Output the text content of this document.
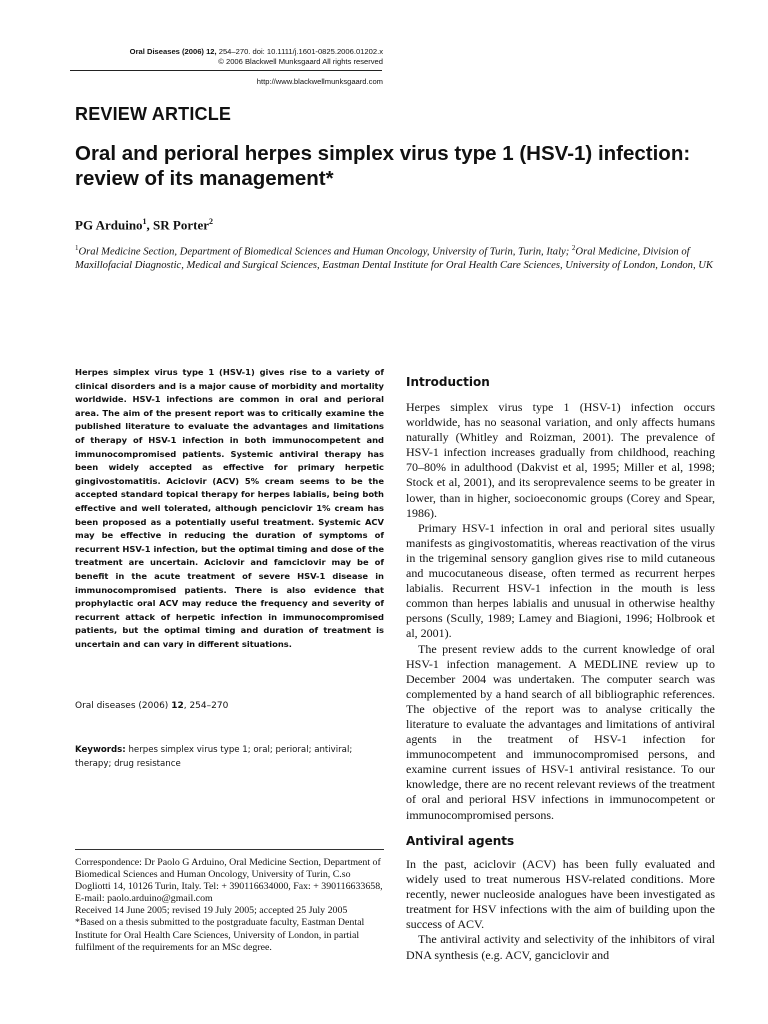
Oral Diseases (2006) 12, 254–270. doi: 10.1111/j.1601-0825.2006.01202.x
© 2006 Blackwell Munksgaard All rights reserved
http://www.blackwellmunksgaard.com
REVIEW ARTICLE
Oral and perioral herpes simplex virus type 1 (HSV-1) infection: review of its management*
PG Arduino$^1$, SR Porter$^2$
$^1$Oral Medicine Section, Department of Biomedical Sciences and Human Oncology, University of Turin, Turin, Italy; $^2$Oral Medicine, Division of Maxillofacial Diagnostic, Medical and Surgical Sciences, Eastman Dental Institute for Oral Health Care Sciences, University of London, London, UK
Herpes simplex virus type 1 (HSV-1) gives rise to a variety of clinical disorders and is a major cause of morbidity and mortality worldwide. HSV-1 infections are common in oral and perioral area. The aim of the present report was to critically examine the published literature to evaluate the advantages and limitations of therapy of HSV-1 infection in both immunocompetent and immunocompromised patients. Systemic antiviral therapy has been widely accepted as effective for primary herpetic gingivostomatitis. Aciclovir (ACV) 5% cream seems to be the accepted standard topical therapy for herpes labialis, being both effective and well tolerated, although penciclovir 1% cream has been proposed as a potentially useful treatment. Systemic ACV may be effective in reducing the duration of symptoms of recurrent HSV-1 infection, but the optimal timing and dose of the treatment are uncertain. Aciclovir and famciclovir may be of benefit in the acute treatment of severe HSV-1 disease in immunocompromised patients. There is also evidence that prophylactic oral ACV may reduce the frequency and severity of recurrent attack of herpetic infection in immunocompromised patients, but the optimal timing and duration of treatment is uncertain and can vary in different situations.
Oral diseases (2006) 12, 254–270
Keywords: herpes simplex virus type 1; oral; perioral; antiviral; therapy; drug resistance

Correspondence: Dr Paolo G Arduino, Oral Medicine Section, Department of Biomedical Sciences and Human Oncology, University of Turin, C.so Dogliotti 14, 10126 Turin, Italy. Tel: + 390116634000, Fax: + 390116633658, E-mail: paolo.arduino@gmail.com

Received 14 June 2005; revised 19 July 2005; accepted 25 July 2005

*Based on a thesis submitted to the postgraduate faculty, Eastman Dental Institute for Oral Health Care Sciences, University of London, in partial fulfilment of the requirements for an MSc degree.

Introduction

Herpes simplex virus type 1 (HSV-1) infection occurs worldwide, has no seasonal variation, and only affects humans naturally (Whitley and Roizman, 2001). The prevalence of HSV-1 infection increases gradually from childhood, reaching 70–80% in adulthood (Dakvist et al, 1995; Miller et al, 1998; Stock et al, 2001), and its seroprevalence seems to be greater in lower, than in higher, socioeconomic groups (Corey and Spear, 1986).

Primary HSV-1 infection in oral and perioral sites usually manifests as gingivostomatitis, whereas reactivation of the virus in the trigeminal sensory ganglion gives rise to mild cutaneous and mucocutaneous disease, often termed as recurrent herpes labialis. Recurrent HSV-1 infection in the mouth is less common than herpes labialis and unusual in otherwise healthy persons (Scully, 1989; Lamey and Biagioni, 1996; Holbrook et al, 2001).

The present review adds to the current knowledge of oral HSV-1 infection management. A MEDLINE review up to December 2004 was undertaken. The computer search was complemented by a hand search of all bibliographic references. The objective of the report was to analyse critically the literature to evaluate the advantages and limitations of antiviral agents in the treatment of HSV-1 infection for immunocompetent and immunocompromised persons, and examine current issues of HSV-1 antiviral resistance. To our knowledge, there are no recent relevant reviews of the treatment of oral and perioral HSV infections in immunocompetent or immunocompromised persons.

Antiviral agents

In the past, aciclovir (ACV) has been fully evaluated and widely used to treat numerous HSV-related conditions. More recently, newer nucleoside analogues have been investigated as treatment for HSV infections with the aim of building upon the success of ACV.

The antiviral activity and selectivity of the inhibitors of viral DNA synthesis (e.g. ACV, ganciclovir and
